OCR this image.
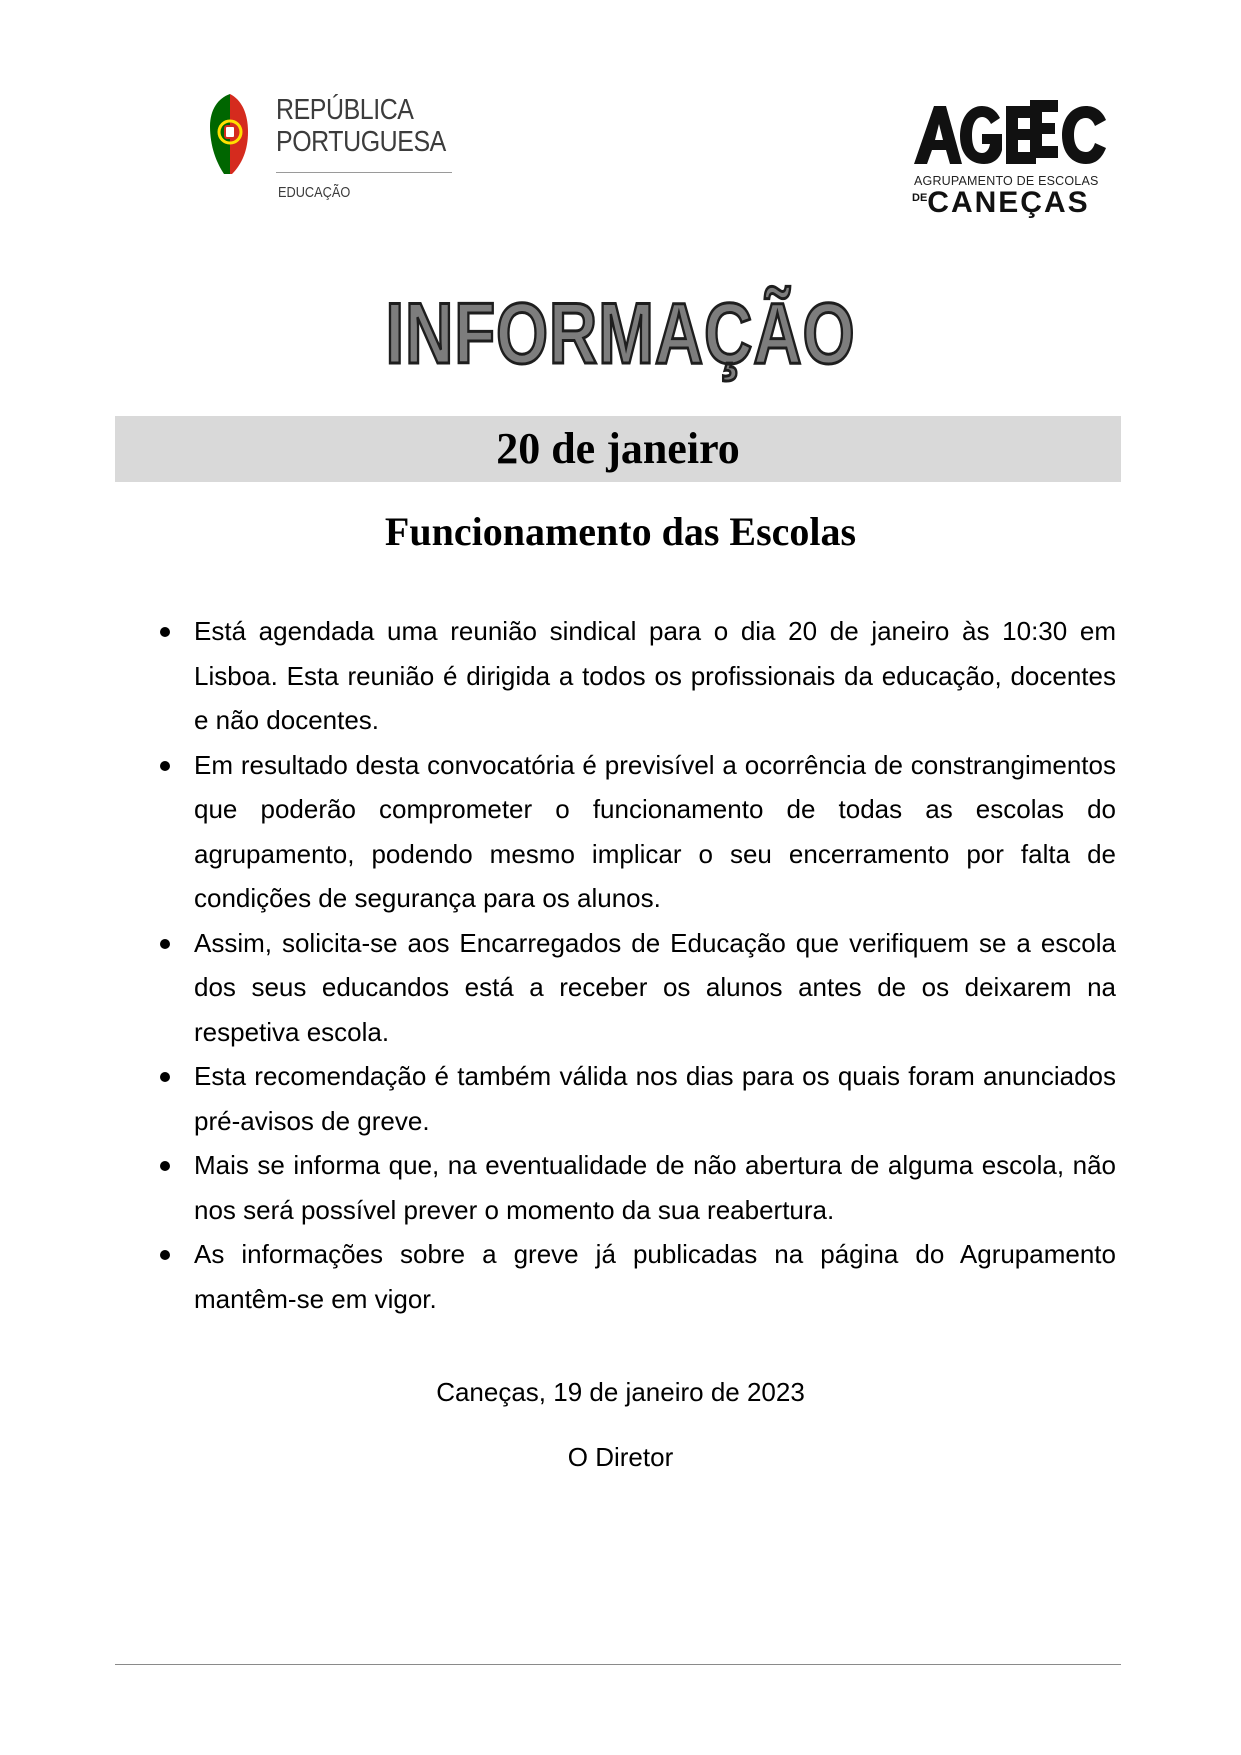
REPÚBLICA
PORTUGUESA
EDUCAÇÃO
AGRUPAMENTO DE ESCOLAS
DECANEÇAS
INFORMAÇÃO
20 de janeiro
Funcionamento das Escolas
Está agendada uma reunião sindical para o dia 20 de janeiro às 10:30 em Lisboa. Esta reunião é dirigida a todos os profissionais da educação, docentes e não docentes.
Em resultado desta convocatória é previsível a ocorrência de constrangimentos que poderão comprometer o funcionamento de todas as escolas do agrupamento, podendo mesmo implicar o seu encerramento por falta de condições de segurança para os alunos.
Assim, solicita-se aos Encarregados de Educação que verifiquem se a escola dos seus educandos está a receber os alunos antes de os deixarem na respetiva escola.
Esta recomendação é também válida nos dias para os quais foram anunciados pré-avisos de greve.
Mais se informa que, na eventualidade de não abertura de alguma escola, não nos será possível prever o momento da sua reabertura.
As informações sobre a greve já publicadas na página do Agrupamento mantêm-se em vigor.
Caneças, 19 de janeiro de 2023
O Diretor
